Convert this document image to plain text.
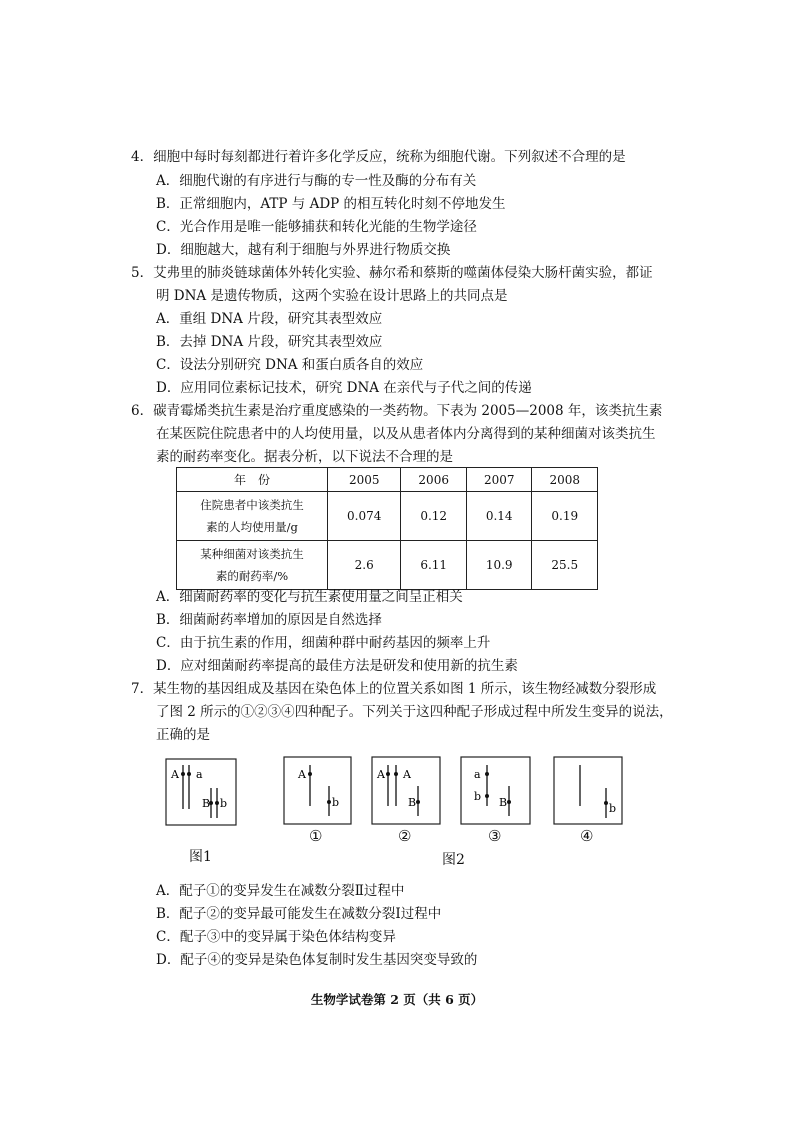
4．细胞中每时每刻都进行着许多化学反应，统称为细胞代谢。下列叙述不合理的是
A．细胞代谢的有序进行与酶的专一性及酶的分布有关
B．正常细胞内，ATP 与 ADP 的相互转化时刻不停地发生
C．光合作用是唯一能够捕获和转化光能的生物学途径
D．细胞越大，越有利于细胞与外界进行物质交换
5．艾弗里的肺炎链球菌体外转化实验、赫尔希和蔡斯的噬菌体侵染大肠杆菌实验，都证
明 DNA 是遗传物质，这两个实验在设计思路上的共同点是
A．重组 DNA 片段，研究其表型效应
B．去掉 DNA 片段，研究其表型效应
C．设法分别研究 DNA 和蛋白质各自的效应
D．应用同位素标记技术，研究 DNA 在亲代与子代之间的传递
6．碳青霉烯类抗生素是治疗重度感染的一类药物。下表为 2005—2008 年，该类抗生素
在某医院住院患者中的人均使用量，以及从患者体内分离得到的某种细菌对该类抗生
素的耐药率变化。据表分析，以下说法不合理的是
年　份	2005	2006	2007	2008

住院患者中该类抗生
素的人均使用量/g	0.074	0.12	0.14	0.19

某种细菌对该类抗生
素的耐药率/%	2.6	6.11	10.9	25.5
A．细菌耐药率的变化与抗生素使用量之间呈正相关
B．细菌耐药率增加的原因是自然选择
C．由于抗生素的作用，细菌种群中耐药基因的频率上升
D．应对细菌耐药率提高的最佳方法是研发和使用新的抗生素
7．某生物的基因组成及基因在染色体上的位置关系如图 1 所示，该生物经减数分裂形成
了图 2 所示的①②③④四种配子。下列关于这四种配子形成过程中所发生变异的说法，
正确的是
A a
B b
A
b
A A
B
a
b B	b
①	②	③	④
图1	图2
A．配子①的变异发生在减数分裂Ⅱ过程中
B．配子②的变异最可能发生在减数分裂Ⅰ过程中
C．配子③中的变异属于染色体结构变异
D．配子④的变异是染色体复制时发生基因突变导致的
生物学试卷第 2 页（共 6 页）
